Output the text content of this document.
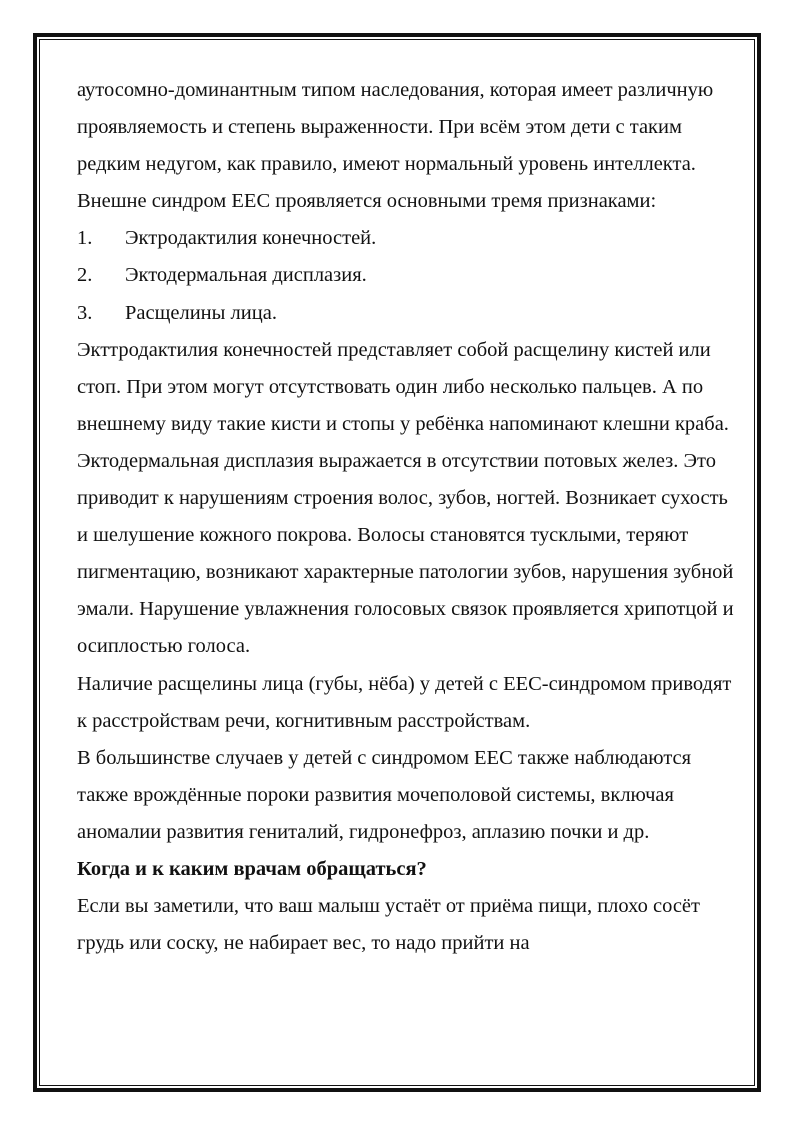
аутосомно-доминантным типом наследования, которая имеет различную проявляемость и степень выраженности. При всём этом дети с таким редким недугом, как правило, имеют нормальный уровень интеллекта.

Внешне синдром ЕЕС проявляется основными тремя признаками:

1.	Эктродактилия конечностей.
2.	Эктодермальная дисплазия.
3.	Расщелины лица.

Экттродактилия конечностей представляет собой расщелину кистей или стоп. При этом могут отсутствовать один либо несколько пальцев. А по внешнему виду такие кисти и стопы у ребёнка напоминают клешни краба.

Эктодермальная дисплазия выражается в отсутствии потовых желез. Это приводит к нарушениям строения волос, зубов, ногтей. Возникает сухость и шелушение кожного покрова. Волосы становятся тусклыми, теряют пигментацию, возникают характерные патологии зубов, нарушения зубной эмали. Нарушение увлажнения голосовых связок проявляется хрипотцой и осиплостью голоса.

Наличие расщелины лица (губы, нёба) у детей с ЕЕС-синдромом приводят к расстройствам речи, когнитивным расстройствам.

В большинстве случаев у детей с синдромом ЕЕС также наблюдаются также врождённые пороки развития мочеполовой системы, включая аномалии развития гениталий, гидронефроз, аплазию почки и др.

Когда и к каким врачам обращаться?

Если вы заметили, что ваш малыш устаёт от приёма пищи, плохо сосёт грудь или соску, не набирает вес, то надо прийти на
